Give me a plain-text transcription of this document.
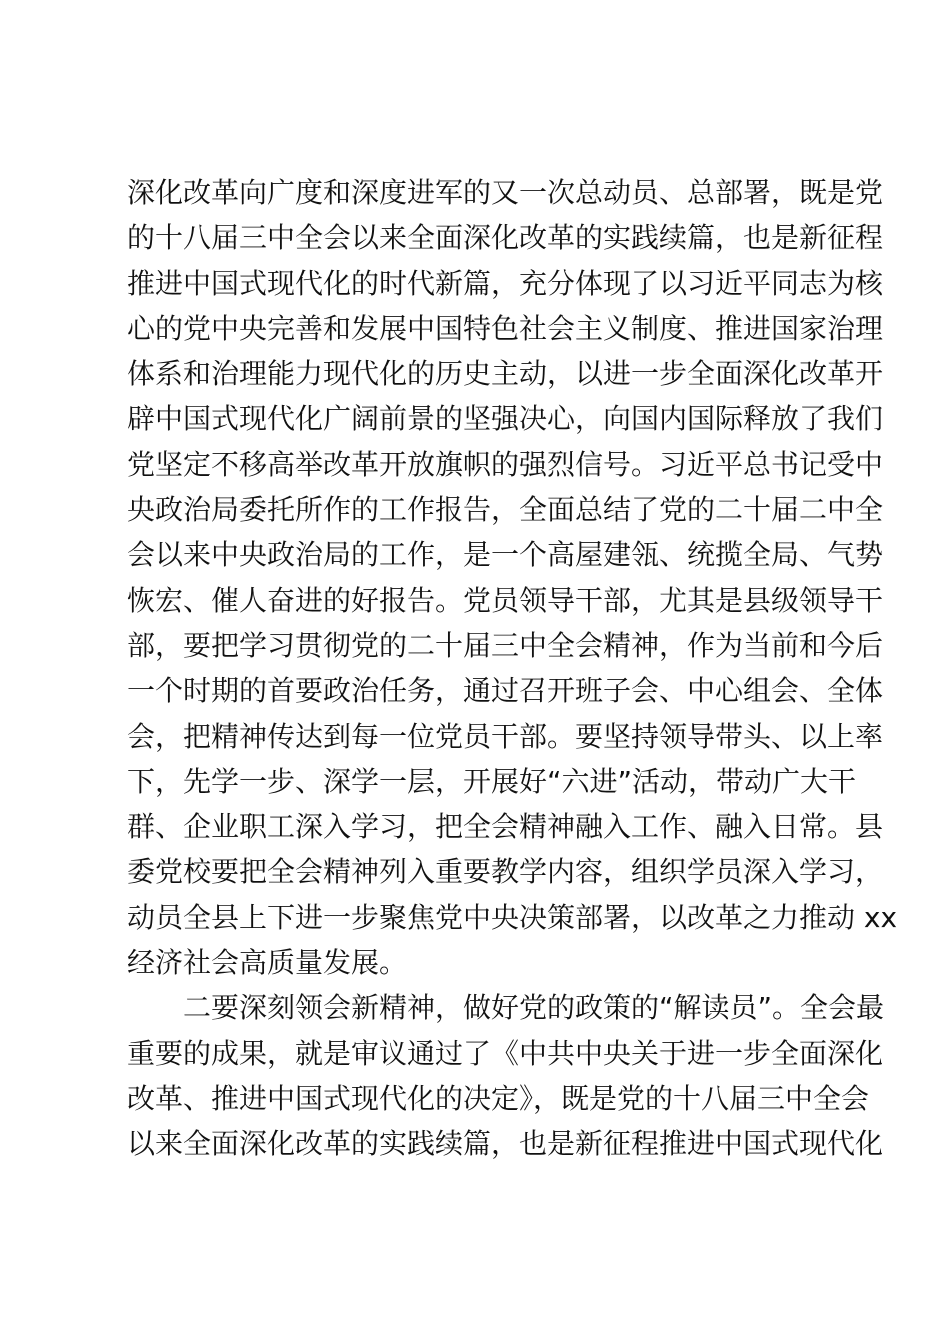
深化改革向广度和深度进军的又一次总动员、总部署，既是党
的十八届三中全会以来全面深化改革的实践续篇，也是新征程
推进中国式现代化的时代新篇，充分体现了以习近平同志为核
心的党中央完善和发展中国特色社会主义制度、推进国家治理
体系和治理能力现代化的历史主动，以进一步全面深化改革开
辟中国式现代化广阔前景的坚强决心，向国内国际释放了我们
党坚定不移高举改革开放旗帜的强烈信号。习近平总书记受中
央政治局委托所作的工作报告，全面总结了党的二十届二中全
会以来中央政治局的工作，是一个高屋建瓴、统揽全局、气势
恢宏、催人奋进的好报告。党员领导干部，尤其是县级领导干
部，要把学习贯彻党的二十届三中全会精神，作为当前和今后
一个时期的首要政治任务，通过召开班子会、中心组会、全体
会，把精神传达到每一位党员干部。要坚持领导带头、以上率
下，先学一步、深学一层，开展好“六进”活动，带动广大干
群、企业职工深入学习，把全会精神融入工作、融入日常。县
委党校要把全会精神列入重要教学内容，组织学员深入学习，
动员全县上下进一步聚焦党中央决策部署，以改革之力推动 xx
经济社会高质量发展。
二要深刻领会新精神，做好党的政策的“解读员”。全会最
重要的成果，就是审议通过了《中共中央关于进一步全面深化
改革、推进中国式现代化的决定》，既是党的十八届三中全会
以来全面深化改革的实践续篇，也是新征程推进中国式现代化
